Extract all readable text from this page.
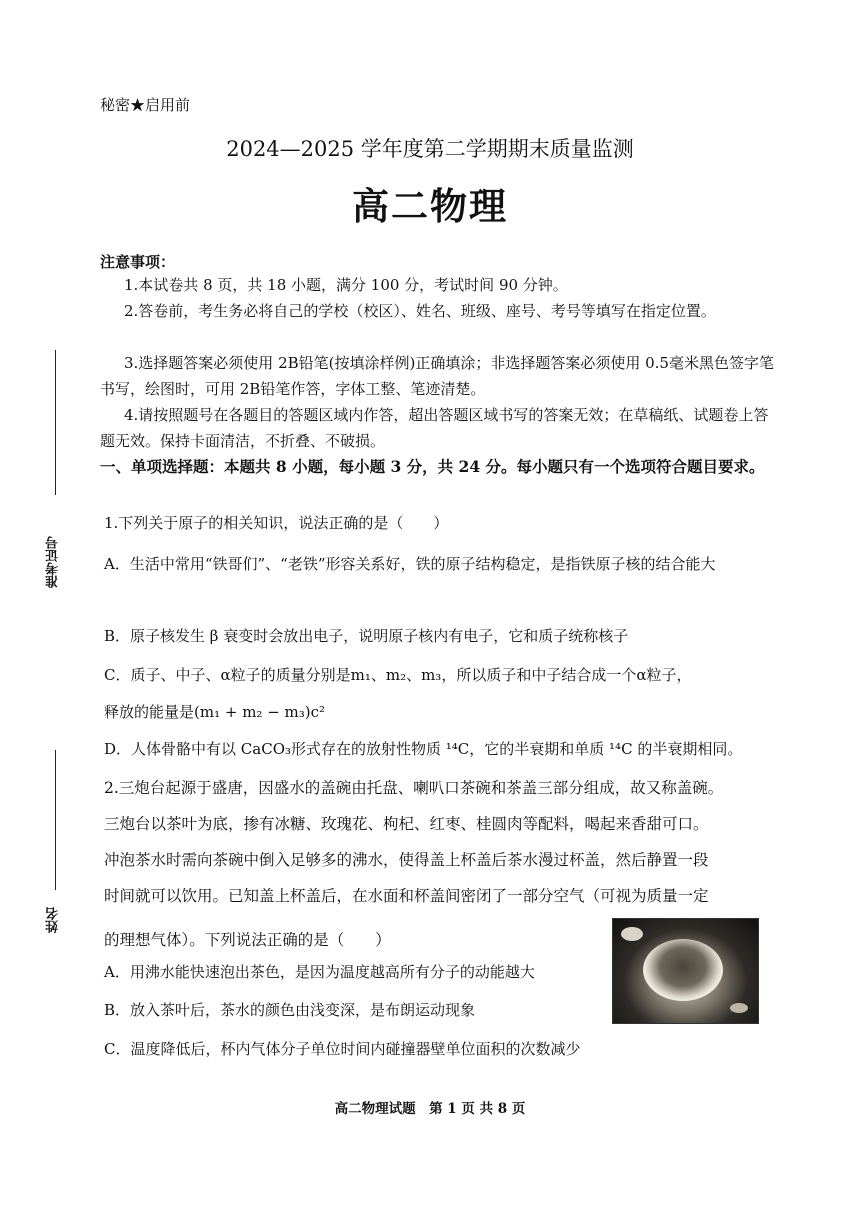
秘密★启用前
2024—2025 学年度第二学期期末质量监测
高二物理
准考证号
姓名
注意事项：
1.本试卷共 8 页，共 18 小题，满分 100 分，考试时间 90 分钟。
2.答卷前，考生务必将自己的学校（校区）、姓名、班级、座号、考号等填写在指定位置。
3.选择题答案必须使用 2B铅笔(按填涂样例)正确填涂；非选择题答案必须使用 0.5毫米黑色签字笔书写，绘图时，可用 2B铅笔作答，字体工整、笔迹清楚。
4.请按照题号在各题目的答题区域内作答，超出答题区域书写的答案无效；在草稿纸、试题卷上答题无效。保持卡面清洁，不折叠、不破损。
一、单项选择题：本题共 8 小题，每小题 3 分，共 24 分。每小题只有一个选项符合题目要求。
1.下列关于原子的相关知识，说法正确的是（　　）
A．生活中常用“铁哥们”、“老铁”形容关系好，铁的原子结构稳定，是指铁原子核的结合能大
B．原子核发生 β 衰变时会放出电子，说明原子核内有电子，它和质子统称核子
C．质子、中子、α粒子的质量分别是m₁、m₂、m₃，所以质子和中子结合成一个α粒子，
释放的能量是(m₁ + m₂ − m₃)c²
D．人体骨骼中有以 CaCO₃形式存在的放射性物质 ¹⁴C，它的半衰期和单质 ¹⁴C 的半衰期相同。
2.三炮台起源于盛唐，因盛水的盖碗由托盘、喇叭口茶碗和茶盖三部分组成，故又称盖碗。
三炮台以茶叶为底，掺有冰糖、玫瑰花、枸杞、红枣、桂圆肉等配料，喝起来香甜可口。
冲泡茶水时需向茶碗中倒入足够多的沸水，使得盖上杯盖后茶水漫过杯盖，然后静置一段
时间就可以饮用。已知盖上杯盖后，在水面和杯盖间密闭了一部分空气（可视为质量一定
的理想气体）。下列说法正确的是（　　）
A．用沸水能快速泡出茶色，是因为温度越高所有分子的动能越大
B．放入茶叶后，茶水的颜色由浅变深，是布朗运动现象
C．温度降低后，杯内气体分子单位时间内碰撞器壁单位面积的次数减少
高二物理试题　第 1 页 共 8 页
